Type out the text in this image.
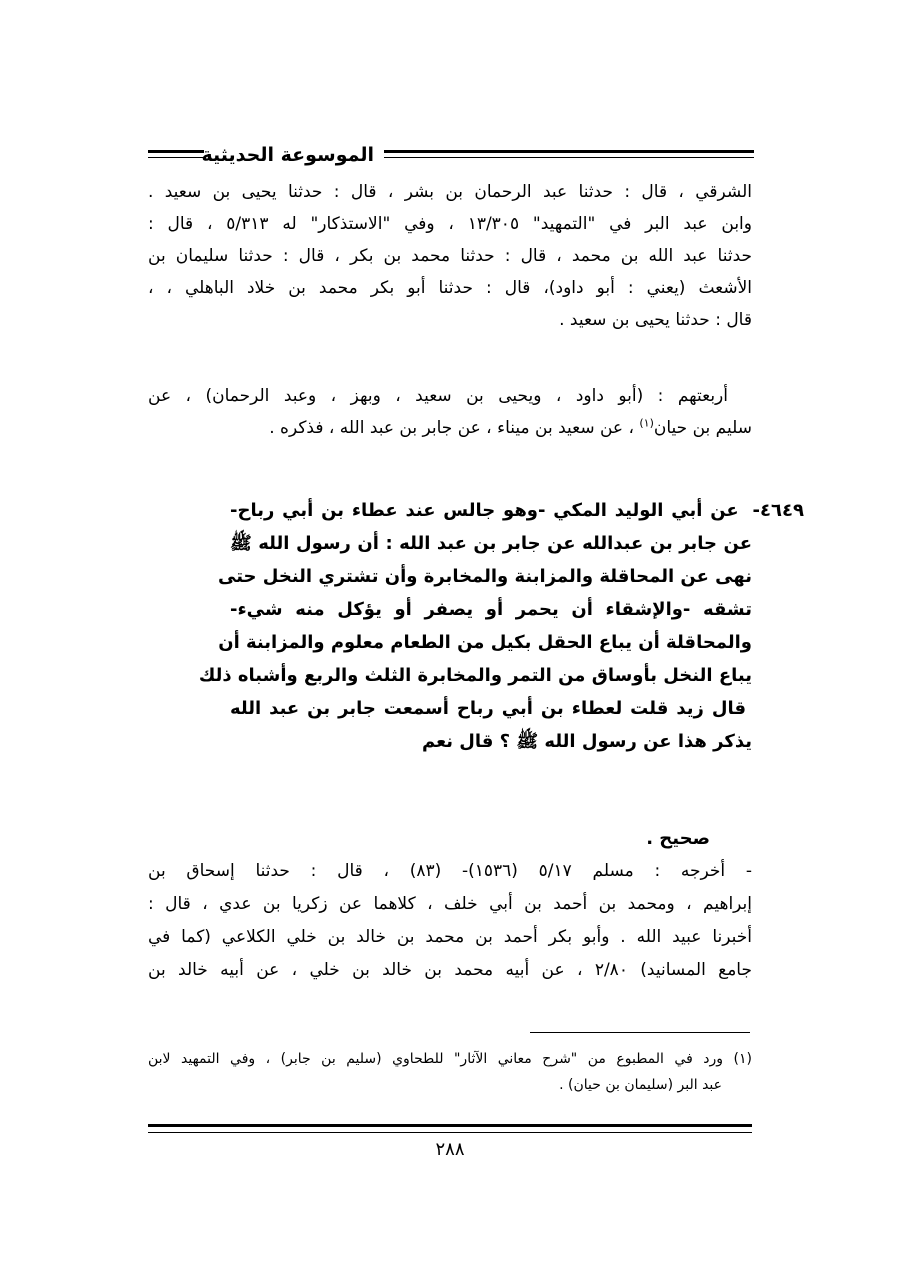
الموسوعة الحديثية
الشرقي ، قال : حدثنا عبد الرحمان بن بشر ، قال : حدثنا يحيى بن سعيد .
وابن عبد البر في "التمهيد" ١٣/٣٠٥ ، وفي "الاستذكار" له ٥/٣١٣ ، قال :
حدثنا عبد الله بن محمد ، قال : حدثنا محمد بن بكر ، قال : حدثنا سليمان بن
الأشعث (يعني : أبو داود)، قال : حدثنا أبو بكر محمد بن خلاد الباهلي ، ،
قال : حدثنا يحيى بن سعيد .
أربعتهم : (أبو داود ، ويحيى بن سعيد ، وبهز ، وعبد الرحمان) ، عن
سليم بن حيان$^{(١)}$ ، عن سعيد بن ميناء ، عن جابر بن عبد الله ، فذكره .
٤٦٤٩- عن أبي الوليد المكي -وهو جالس عند عطاء بن أبي رباح-
عن جابر بن عبدالله عن جابر بن عبد الله : أن رسول الله ﷺ
نهى عن المحاقلة والمزابنة والمخابرة وأن تشتري النخل حتى
تشقه -والإشقاء أن يحمر أو يصفر أو يؤكل منه شيء-
والمحاقلة أن يباع الحقل بكيل من الطعام معلوم والمزابنة أن
يباع النخل بأوساق من التمر والمخابرة الثلث والربع وأشباه ذلك
قال زيد قلت لعطاء بن أبي رباح أسمعت جابر بن عبد الله
يذكر هذا عن رسول الله ﷺ ؟ قال نعم
صحيح .
- أخرجه : مسلم ٥/١٧ (١٥٣٦)- (٨٣) ، قال : حدثنا إسحاق بن
إبراهيم ، ومحمد بن أحمد بن أبي خلف ، كلاهما عن زكريا بن عدي ، قال :
أخبرنا عبيد الله . وأبو بكر أحمد بن محمد بن خالد بن خلي الكلاعي (كما في
جامع المسانيد) ٢/٨٠ ، عن أبيه محمد بن خالد بن خلي ، عن أبيه خالد بن
(١) ورد في المطبوع من "شرح معاني الآثار" للطحاوي (سليم بن جابر) ، وفي التمهيد لابن
عبد البر (سليمان بن حيان) .
٢٨٨
